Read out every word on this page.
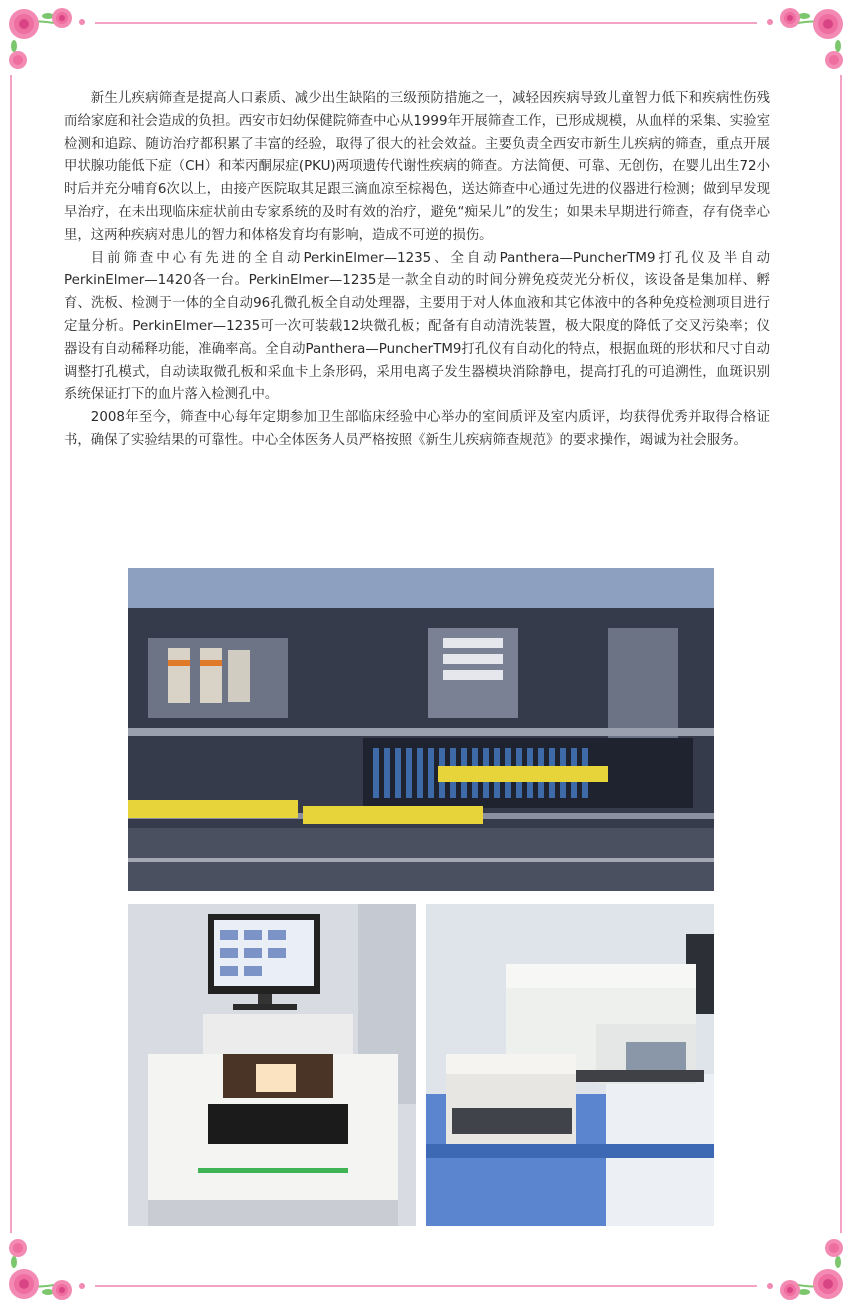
新生儿疾病筛查是提高人口素质、减少出生缺陷的三级预防措施之一，减轻因疾病导致儿童智力低下和疾病性伤残而给家庭和社会造成的负担。西安市妇幼保健院筛查中心从1999年开展筛查工作，已形成规模，从血样的采集、实验室检测和追踪、随访治疗都积累了丰富的经验，取得了很大的社会效益。主要负责全西安市新生儿疾病的筛查，重点开展甲状腺功能低下症（CH）和苯丙酮尿症(PKU)两项遗传代谢性疾病的筛查。方法简便、可靠、无创伤，在婴儿出生72小时后并充分哺育6次以上，由接产医院取其足跟三滴血凉至棕褐色，送达筛查中心通过先进的仪器进行检测；做到早发现早治疗，在未出现临床症状前由专家系统的及时有效的治疗，避免“痴呆儿”的发生；如果未早期进行筛查，存有侥幸心里，这两种疾病对患儿的智力和体格发育均有影响，造成不可逆的损伤。

目前筛查中心有先进的全自动PerkinElmer—1235、全自动Panthera—PuncherTM9打孔仪及半自动PerkinElmer—1420各一台。PerkinElmer—1235是一款全自动的时间分辨免疫荧光分析仪，该设备是集加样、孵育、洗板、检测于一体的全自动96孔微孔板全自动处理器，主要用于对人体血液和其它体液中的各种免疫检测项目进行定量分析。PerkinElmer—1235可一次可装载12块微孔板；配备有自动清洗装置，极大限度的降低了交叉污染率；仪器设有自动稀释功能，准确率高。全自动Panthera—PuncherTM9打孔仪有自动化的特点，根据血斑的形状和尺寸自动调整打孔模式，自动读取微孔板和采血卡上条形码，采用电离子发生器模块消除静电，提高打孔的可追溯性，血斑识别系统保证打下的血片落入检测孔中。

2008年至今，筛查中心每年定期参加卫生部临床经验中心举办的室间质评及室内质评，均获得优秀并取得合格证书，确保了实验结果的可靠性。中心全体医务人员严格按照《新生儿疾病筛查规范》的要求操作，竭诚为社会服务。
